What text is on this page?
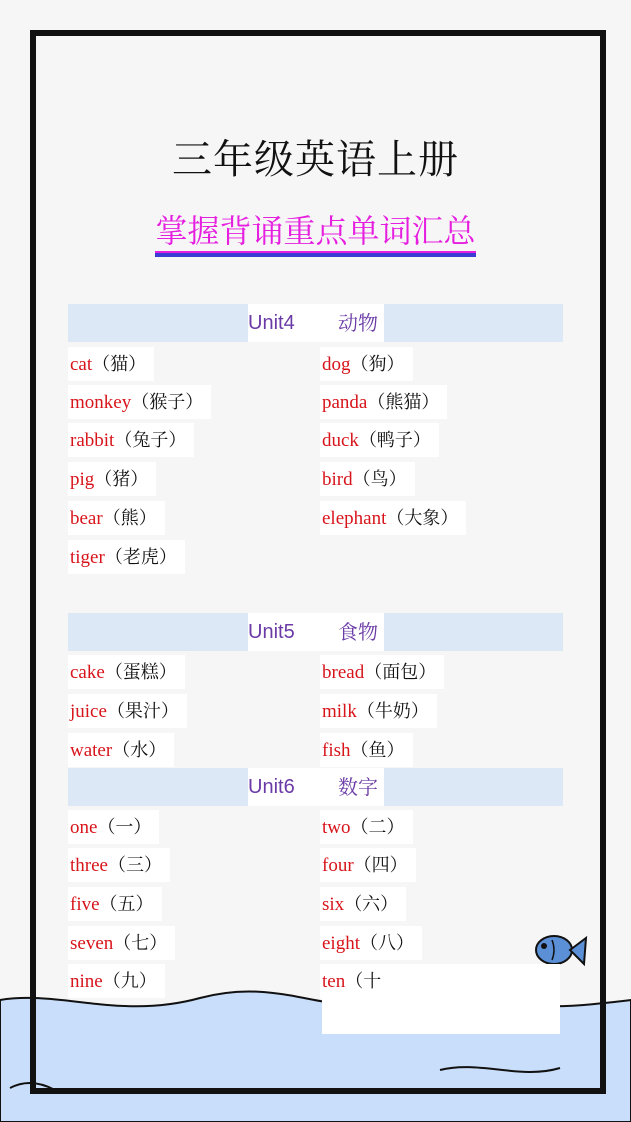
三年级英语上册
掌握背诵重点单词汇总
Unit4 动物
cat（猫）	dog（狗）
monkey（猴子）	panda（熊猫）
rabbit（兔子）	duck（鸭子）
pig（猪）	bird（鸟）
bear（熊）	elephant（大象）
tiger（老虎）
Unit5 食物
cake（蛋糕）	bread（面包）
juice（果汁）	milk（牛奶）
water（水）	fish（鱼）
Unit6 数字
one（一）	two（二）
three（三）	four（四）
five（五）	six（六）
seven（七）	eight（八）
nine（九）	ten（十
